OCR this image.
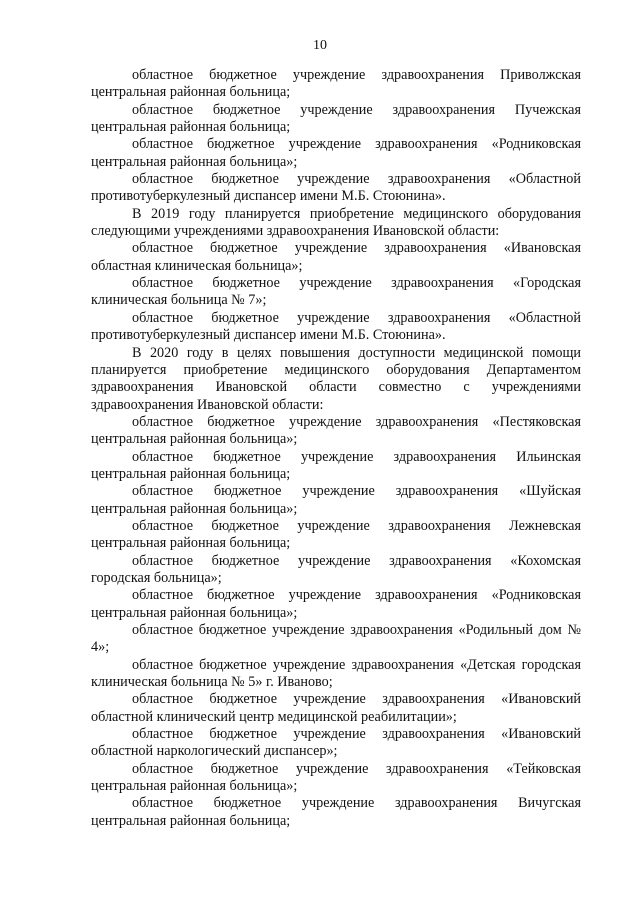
10

областное бюджетное учреждение здравоохранения Приволжская центральная районная больница;

областное бюджетное учреждение здравоохранения Пучежская центральная районная больница;

областное бюджетное учреждение здравоохранения «Родниковская центральная районная больница»;

областное бюджетное учреждение здравоохранения «Областной противотуберкулезный диспансер имени М.Б. Стоюнина».

В 2019 году планируется приобретение медицинского оборудования следующими учреждениями здравоохранения Ивановской области:

областное бюджетное учреждение здравоохранения «Ивановская областная клиническая больница»;

областное бюджетное учреждение здравоохранения «Городская клиническая больница № 7»;

областное бюджетное учреждение здравоохранения «Областной противотуберкулезный диспансер имени М.Б. Стоюнина».

В 2020 году в целях повышения доступности медицинской помощи планируется приобретение медицинского оборудования Департаментом здравоохранения Ивановской области совместно с учреждениями здравоохранения Ивановской области:

областное бюджетное учреждение здравоохранения «Пестяковская центральная районная больница»;

областное бюджетное учреждение здравоохранения Ильинская центральная районная больница;

областное бюджетное учреждение здравоохранения «Шуйская центральная районная больница»;

областное бюджетное учреждение здравоохранения Лежневская центральная районная больница;

областное бюджетное учреждение здравоохранения «Кохомская городская больница»;

областное бюджетное учреждение здравоохранения «Родниковская центральная районная больница»;

областное бюджетное учреждение здравоохранения «Родильный дом № 4»;

областное бюджетное учреждение здравоохранения «Детская городская клиническая больница № 5» г. Иваново;

областное бюджетное учреждение здравоохранения «Ивановский областной клинический центр медицинской реабилитации»;

областное бюджетное учреждение здравоохранения «Ивановский областной наркологический диспансер»;

областное бюджетное учреждение здравоохранения «Тейковская центральная районная больница»;

областное бюджетное учреждение здравоохранения Вичугская центральная районная больница;
